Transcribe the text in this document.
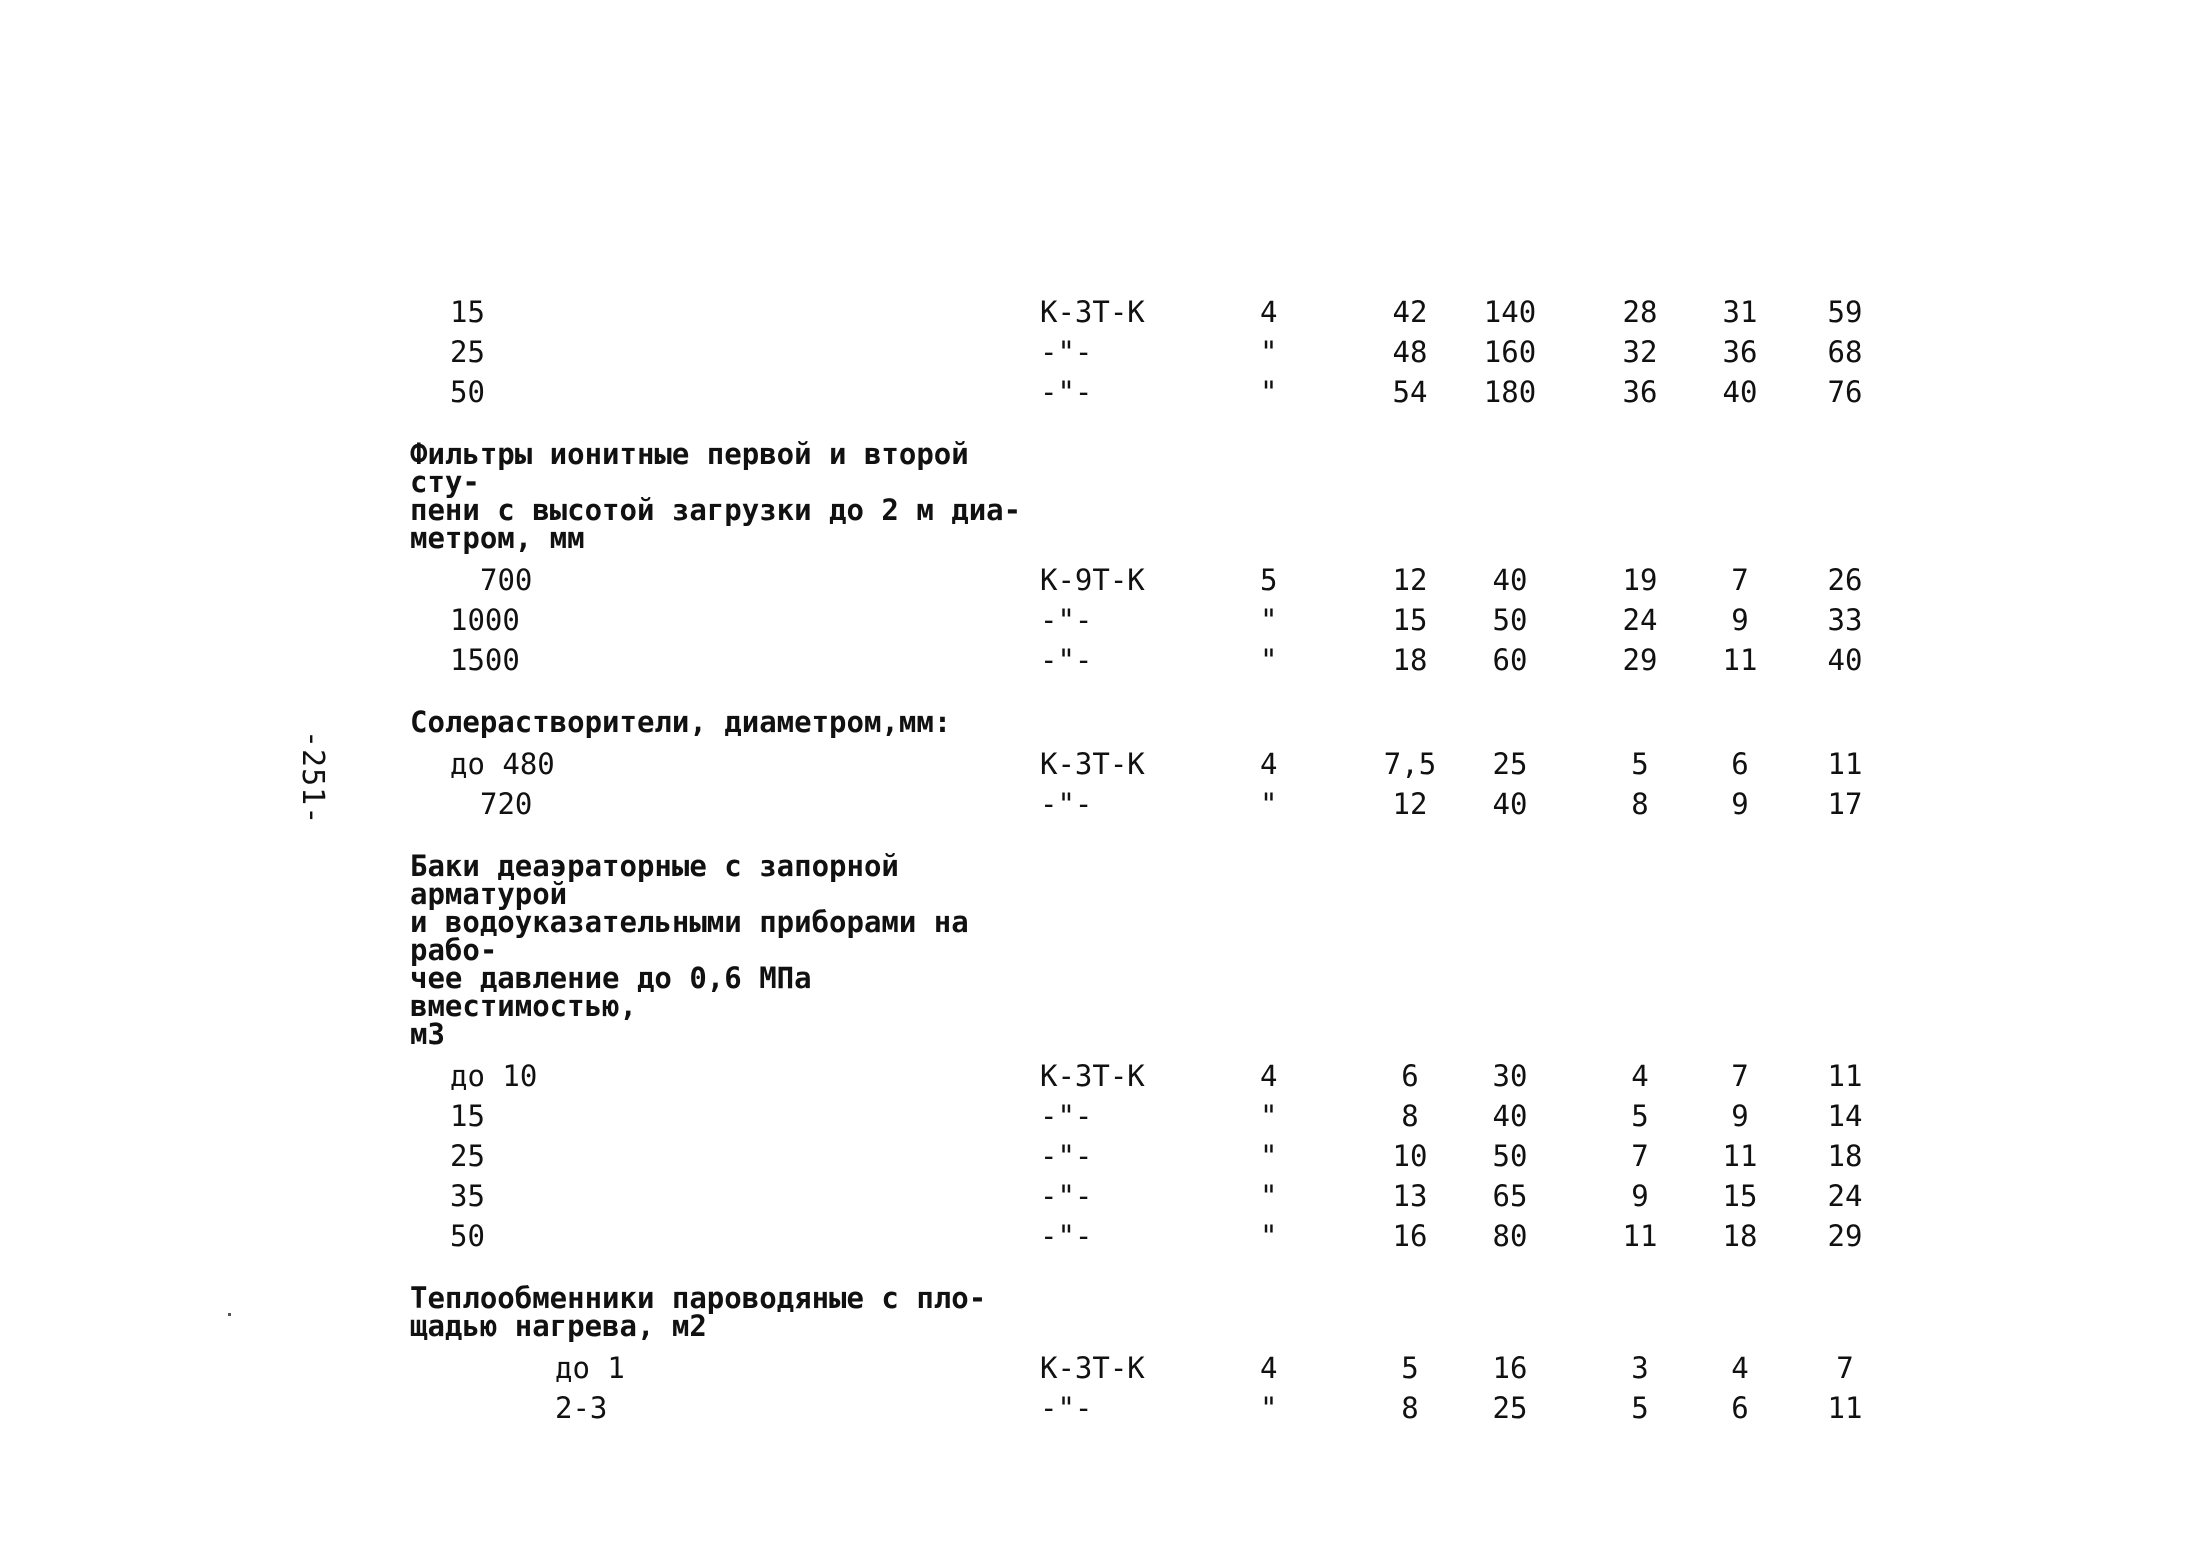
-251-
15	К-3Т-К	4	42	140	28	31	59
25	-"-	"	48	160	32	36	68
50	-"-	"	54	180	36	40	76
Фильтры ионитные первой и второй сту-
пени с высотой загрузки до 2 м диа-
метром, мм
700	К-9Т-К	5	12	40	19	7	26
1000	-"-	"	15	50	24	9	33
1500	-"-	"	18	60	29	11	40
Солерастворители, диаметром,мм:
до 480	К-3Т-К	4	7,5	25	5	6	11
720	-"-	"	12	40	8	9	17
Баки деаэраторные с запорной арматурой
и водоуказательными приборами на рабо-
чее давление до 0,6 МПа вместимостью,
м3
до 10	К-3Т-К	4	6	30	4	7	11
15	-"-	"	8	40	5	9	14
25	-"-	"	10	50	7	11	18
35	-"-	"	13	65	9	15	24
50	-"-	"	16	80	11	18	29
Теплообменники пароводяные с пло-
щадью нагрева, м2
до 1	К-3Т-К	4	5	16	3	4	7
2-3	-"-	"	8	25	5	6	11
